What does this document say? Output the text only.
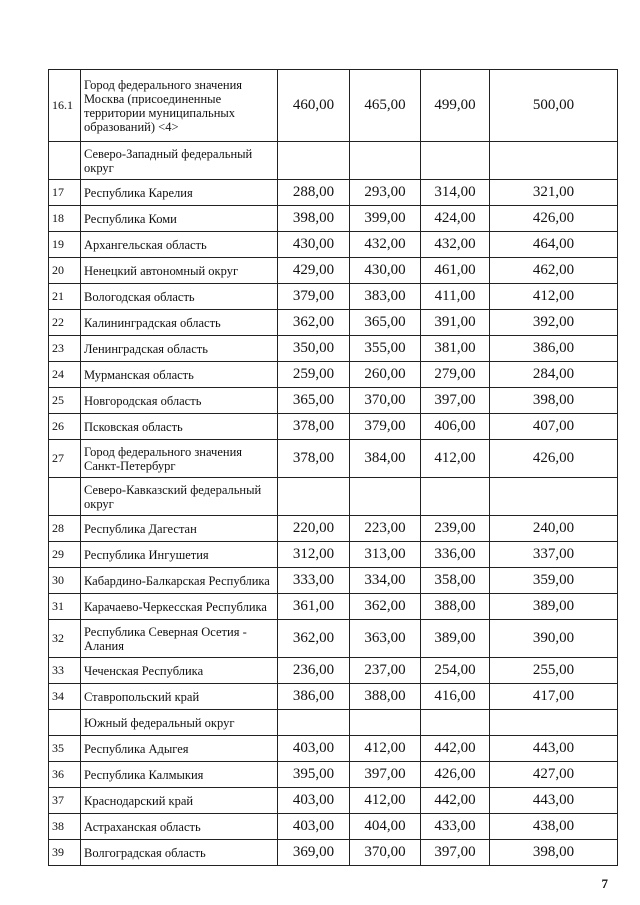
16.1	Город федерального значения Москва (присоединенные территории муниципальных образований) <4>	460,00	465,00	499,00	500,00
	Северо-Западный федеральный округ				
17	Республика Карелия	288,00	293,00	314,00	321,00
18	Республика Коми	398,00	399,00	424,00	426,00
19	Архангельская область	430,00	432,00	432,00	464,00
20	Ненецкий автономный округ	429,00	430,00	461,00	462,00
21	Вологодская область	379,00	383,00	411,00	412,00
22	Калининградская область	362,00	365,00	391,00	392,00
23	Ленинградская область	350,00	355,00	381,00	386,00
24	Мурманская область	259,00	260,00	279,00	284,00
25	Новгородская область	365,00	370,00	397,00	398,00
26	Псковская область	378,00	379,00	406,00	407,00
27	Город федерального значения Санкт-Петербург	378,00	384,00	412,00	426,00
	Северо-Кавказский федеральный округ				
28	Республика Дагестан	220,00	223,00	239,00	240,00
29	Республика Ингушетия	312,00	313,00	336,00	337,00
30	Кабардино-Балкарская Республика	333,00	334,00	358,00	359,00
31	Карачаево-Черкесская Республика	361,00	362,00	388,00	389,00
32	Республика Северная Осетия - Алания	362,00	363,00	389,00	390,00
33	Чеченская Республика	236,00	237,00	254,00	255,00
34	Ставропольский край	386,00	388,00	416,00	417,00
	Южный федеральный округ				
35	Республика Адыгея	403,00	412,00	442,00	443,00
36	Республика Калмыкия	395,00	397,00	426,00	427,00
37	Краснодарский край	403,00	412,00	442,00	443,00
38	Астраханская область	403,00	404,00	433,00	438,00
39	Волгоградская область	369,00	370,00	397,00	398,00
7
